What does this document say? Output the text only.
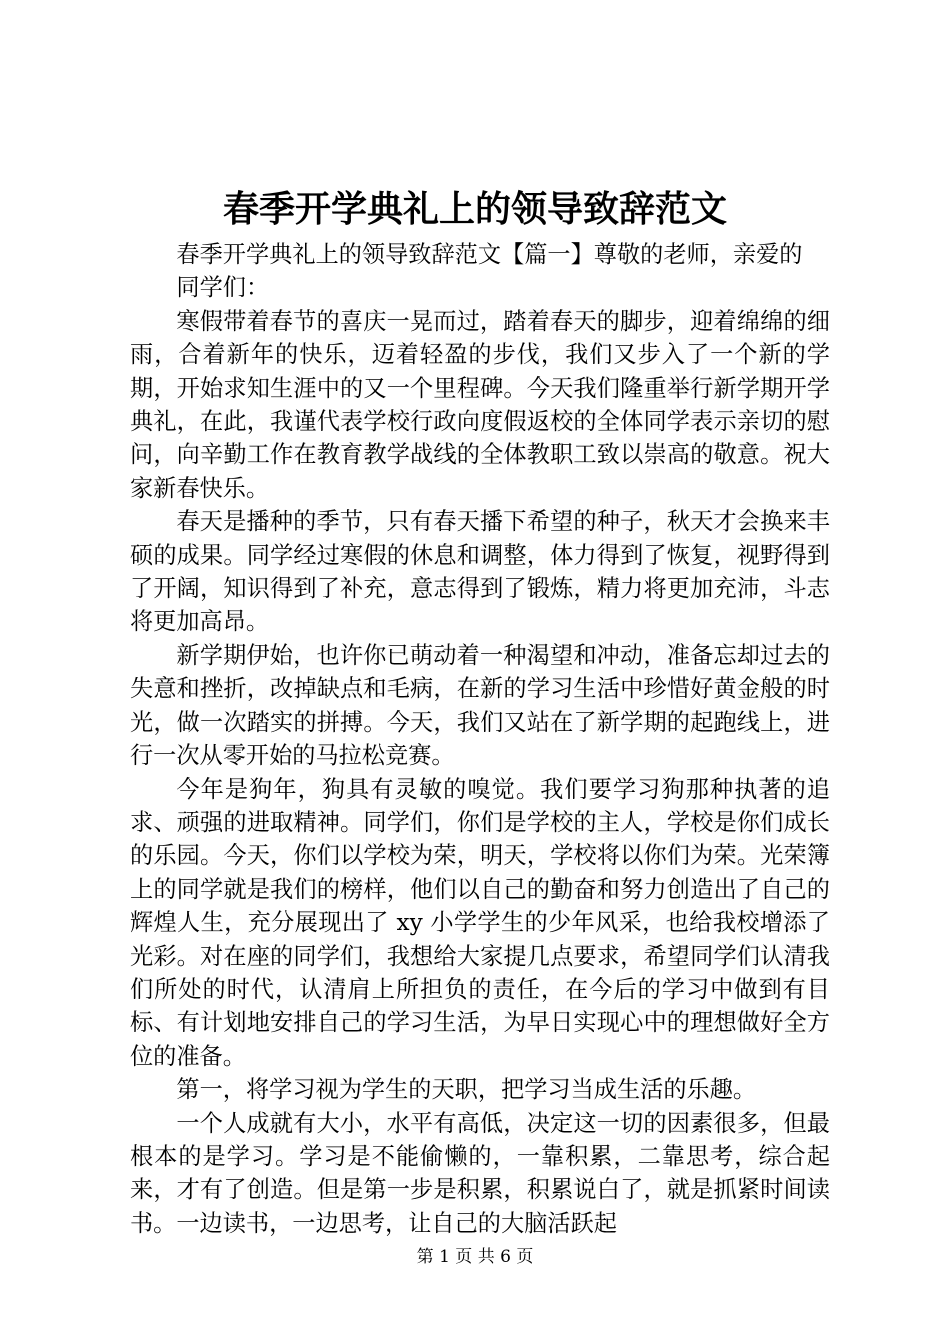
春季开学典礼上的领导致辞范文

春季开学典礼上的领导致辞范文【篇一】尊敬的老师，亲爱的

同学们：

寒假带着春节的喜庆一晃而过，踏着春天的脚步，迎着绵绵的细雨，合着新年的快乐，迈着轻盈的步伐，我们又步入了一个新的学期，开始求知生涯中的又一个里程碑。今天我们隆重举行新学期开学典礼，在此，我谨代表学校行政向度假返校的全体同学表示亲切的慰问，向辛勤工作在教育教学战线的全体教职工致以崇高的敬意。祝大家新春快乐。

春天是播种的季节，只有春天播下希望的种子，秋天才会换来丰硕的成果。同学经过寒假的休息和调整，体力得到了恢复，视野得到了开阔，知识得到了补充，意志得到了锻炼，精力将更加充沛，斗志将更加高昂。

新学期伊始，也许你已萌动着一种渴望和冲动，准备忘却过去的失意和挫折，改掉缺点和毛病，在新的学习生活中珍惜好黄金般的时光，做一次踏实的拼搏。今天，我们又站在了新学期的起跑线上，进行一次从零开始的马拉松竞赛。

今年是狗年，狗具有灵敏的嗅觉。我们要学习狗那种执著的追求、顽强的进取精神。同学们，你们是学校的主人，学校是你们成长的乐园。今天，你们以学校为荣，明天，学校将以你们为荣。光荣簿上的同学就是我们的榜样，他们以自己的勤奋和努力创造出了自己的辉煌人生，充分展现出了 xy 小学学生的少年风采，也给我校增添了光彩。对在座的同学们，我想给大家提几点要求，希望同学们认清我们所处的时代，认清肩上所担负的责任，在今后的学习中做到有目标、有计划地安排自己的学习生活，为早日实现心中的理想做好全方位的准备。

第一，将学习视为学生的天职，把学习当成生活的乐趣。

一个人成就有大小，水平有高低，决定这一切的因素很多，但最根本的是学习。学习是不能偷懒的，一靠积累，二靠思考，综合起来，才有了创造。但是第一步是积累，积累说白了，就是抓紧时间读书。一边读书，一边思考，让自己的大脑活跃起

第 1 页 共 6 页
